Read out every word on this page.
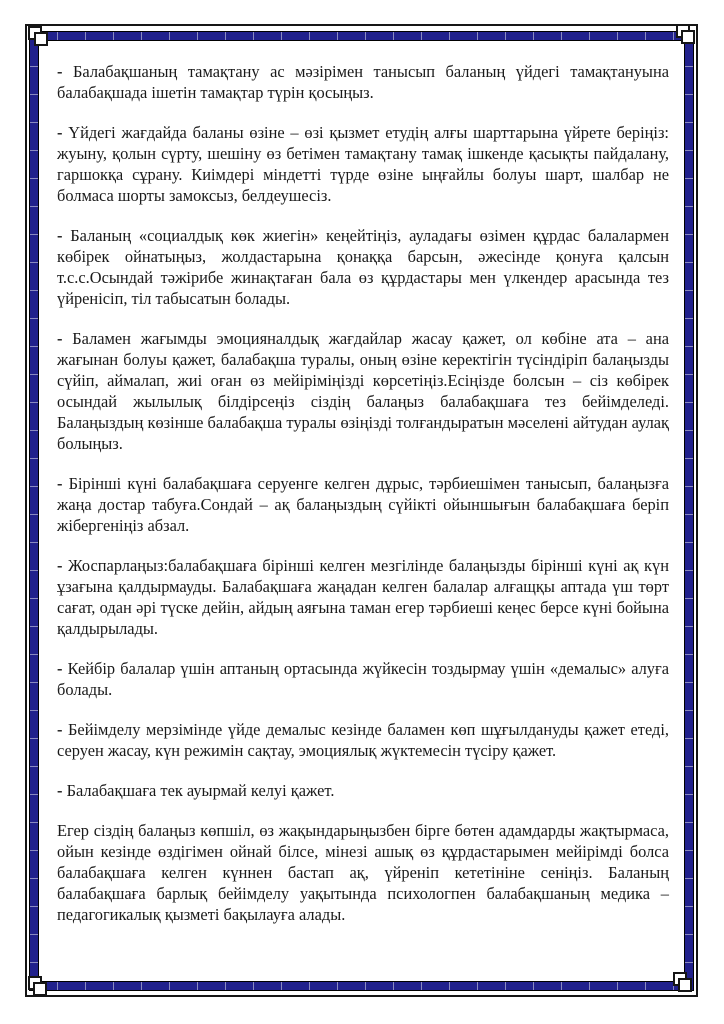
- Балабақшаның тамақтану ас мәзірімен танысып баланың үйдегі тамақтануына балабақшада ішетін тамақтар түрін қосыңыз.

- Үйдегі жағдайда баланы өзіне – өзі қызмет етудің алғы шарттарына үйрете беріңіз: жуыну, қолын сүрту, шешіну өз бетімен тамақтану тамақ ішкенде қасықты пайдалану, гаршокқа сұрану. Киімдері міндетті түрде өзіне ыңғайлы болуы шарт, шалбар не болмаса шорты замоксыз, белдеушесіз.

- Баланың «социалдық көк жиегін» кеңейтіңіз, ауладағы өзімен құрдас балалармен көбірек ойнатыңыз, жолдастарына қонаққа барсын, әжесінде қонуға қалсын т.с.с.Осындай тәжірибе жинақтаған бала өз құрдастары мен үлкендер арасында тез үйренісіп, тіл табысатын болады.

- Баламен жағымды эмоцияналдық жағдайлар жасау қажет, ол көбіне ата – ана жағынан болуы қажет, балабақша туралы, оның өзіне керектігін түсіндіріп балаңызды сүйіп, аймалап, жиі оған өз мейіріміңізді көрсетіңіз.Есіңізде болсын – сіз көбірек осындай жылылық білдірсеңіз сіздің балаңыз балабақшаға тез бейімделеді. Балаңыздың көзінше балабақша туралы өзіңізді толғандыратын мәселені айтудан аулақ болыңыз.

- Бірінші күні балабақшаға серуенге келген дұрыс, тәрбиешімен танысып, балаңызға жаңа достар табуға.Сондай – ақ балаңыздың сүйікті ойыншығын балабақшаға беріп жібергеніңіз абзал.

- Жоспарлаңыз:балабақшаға бірінші келген мезгілінде балаңызды бірінші күні ақ күн ұзағына қалдырмауды. Балабақшаға жаңадан келген балалар алғащқы аптада үш төрт сағат, одан әрі түске дейін, айдың аяғына таман егер тәрбиеші кеңес берсе күні бойына қалдырылады.

- Кейбір балалар үшін аптаның ортасында жүйкесін тоздырмау үшін «демалыс» алуға болады.

- Бейімделу мерзімінде үйде демалыс кезінде баламен көп шұғылдануды қажет етеді, серуен жасау, күн режимін сақтау, эмоциялық жүктемесін түсіру қажет.

- Балабақшаға тек ауырмай келуі қажет.

Егер сіздің балаңыз көпшіл, өз жақындарыңызбен бірге бөтен адамдарды жақтырмаса, ойын кезінде өздігімен ойнай білсе, мінезі ашық өз құрдастарымен мейірімді болса балабақшаға келген күннен бастап ақ, үйреніп кететініне сеніңіз. Баланың балабақшаға барлық бейімделу уақытында психологпен балабақшаның медика – педагогикалық қызметі бақылауға алады.
